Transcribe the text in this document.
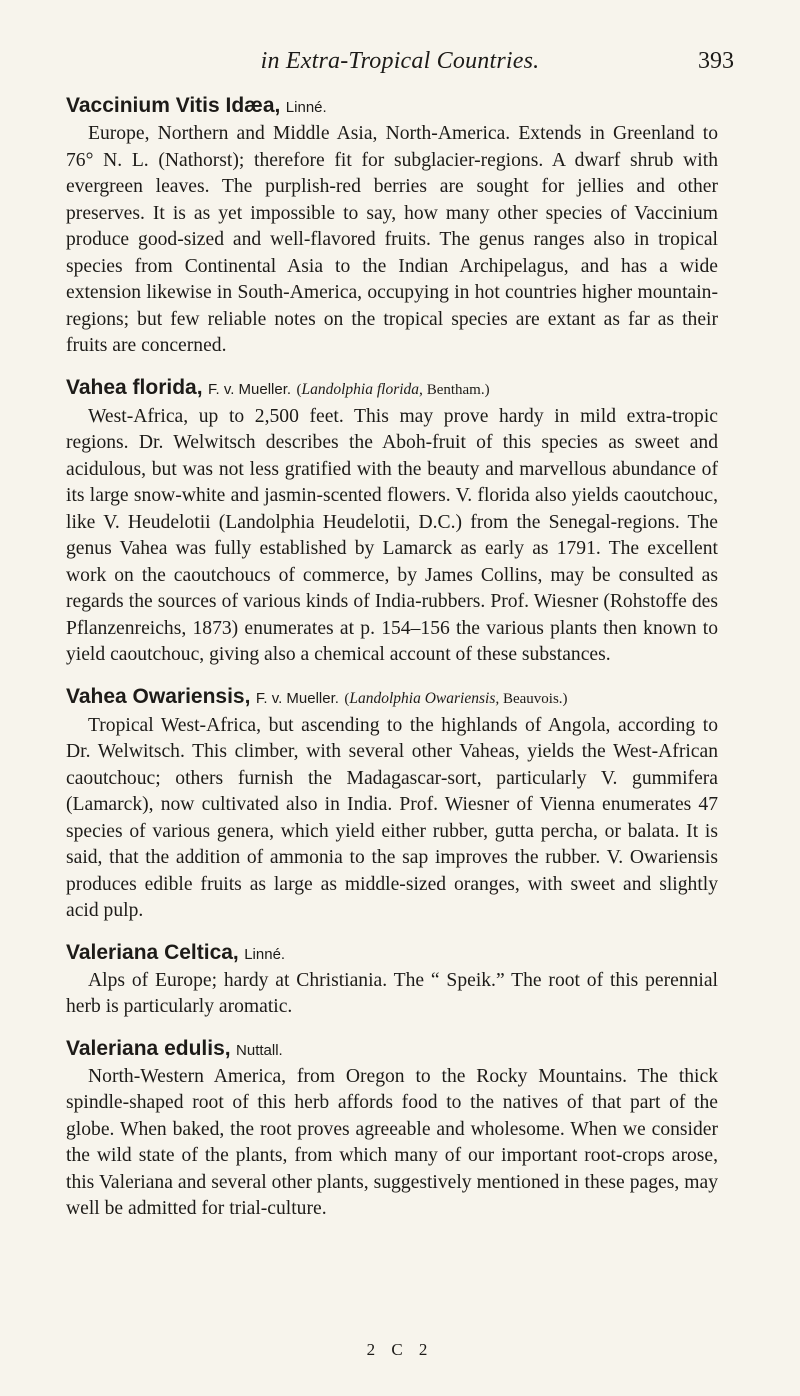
in Extra-Tropical Countries.	393
Vaccinium Vitis Idæa, Linné.

Europe, Northern and Middle Asia, North-America. Extends in Greenland to 76° N. L. (Nathorst); therefore fit for subglacier-regions. A dwarf shrub with evergreen leaves. The purplish-red berries are sought for jellies and other preserves. It is as yet impossible to say, how many other species of Vaccinium produce good-sized and well-flavored fruits. The genus ranges also in tropical species from Continental Asia to the Indian Archipelagus, and has a wide extension likewise in South-America, occupying in hot countries higher mountain-regions; but few reliable notes on the tropical species are extant as far as their fruits are concerned.

Vahea florida, F. v. Mueller. (Landolphia florida, Bentham.)

West-Africa, up to 2,500 feet. This may prove hardy in mild extra-tropic regions. Dr. Welwitsch describes the Aboh-fruit of this species as sweet and acidulous, but was not less gratified with the beauty and marvellous abundance of its large snow-white and jasmin-scented flowers. V. florida also yields caoutchouc, like V. Heudelotii (Landolphia Heudelotii, D.C.) from the Senegal-regions. The genus Vahea was fully established by Lamarck as early as 1791. The excellent work on the caoutchoucs of commerce, by James Collins, may be consulted as regards the sources of various kinds of India-rubbers. Prof. Wiesner (Rohstoffe des Pflanzenreichs, 1873) enumerates at p. 154–156 the various plants then known to yield caoutchouc, giving also a chemical account of these substances.

Vahea Owariensis, F. v. Mueller. (Landolphia Owariensis, Beauvois.)

Tropical West-Africa, but ascending to the highlands of Angola, according to Dr. Welwitsch. This climber, with several other Vaheas, yields the West-African caoutchouc; others furnish the Madagascar-sort, particularly V. gummifera (Lamarck), now cultivated also in India. Prof. Wiesner of Vienna enumerates 47 species of various genera, which yield either rubber, gutta percha, or balata. It is said, that the addition of ammonia to the sap improves the rubber. V. Owariensis produces edible fruits as large as middle-sized oranges, with sweet and slightly acid pulp.

Valeriana Celtica, Linné.

Alps of Europe; hardy at Christiania. The “ Speik.” The root of this perennial herb is particularly aromatic.

Valeriana edulis, Nuttall.

North-Western America, from Oregon to the Rocky Mountains. The thick spindle-shaped root of this herb affords food to the natives of that part of the globe. When baked, the root proves agreeable and wholesome. When we consider the wild state of the plants, from which many of our important root-crops arose, this Valeriana and several other plants, suggestively mentioned in these pages, may well be admitted for trial-culture.

2 C 2
